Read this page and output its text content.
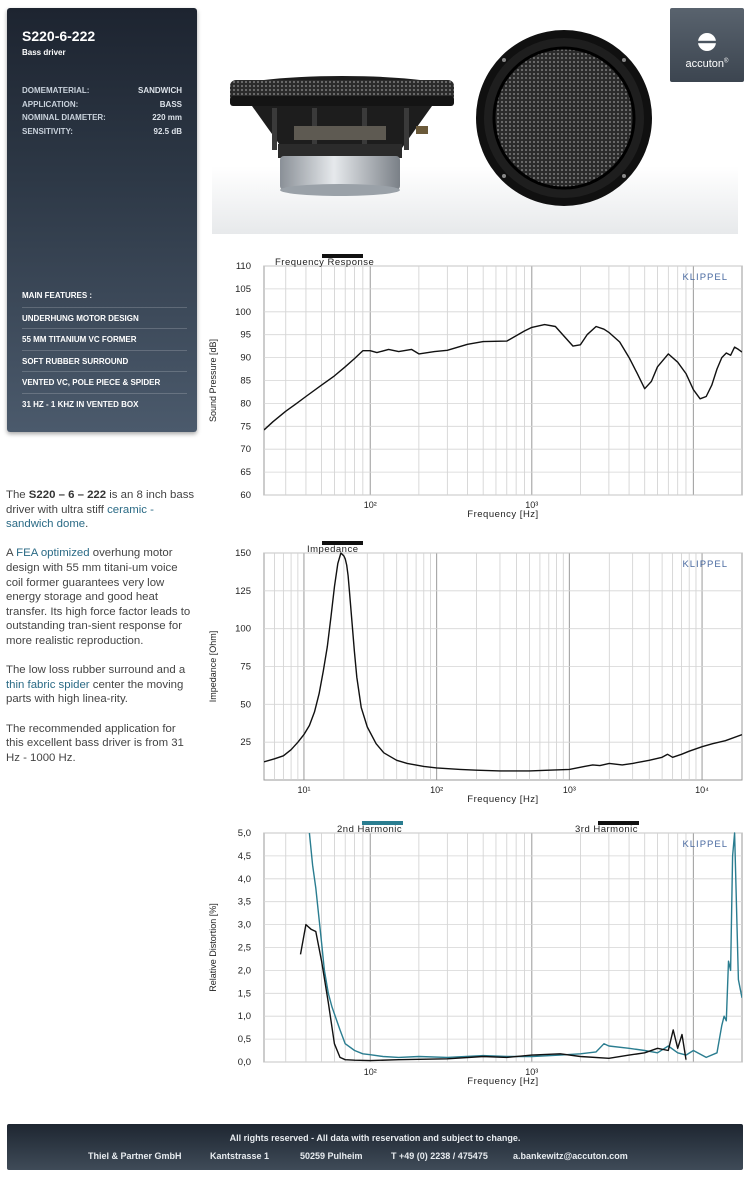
S220-6-222
Bass driver
DOMEMATERIAL:	SANDWICH
APPLICATION:	BASS
NOMINAL DIAMETER:	220 mm
SENSITIVITY:	92.5 dB
MAIN FEATURES :
UNDERHUNG MOTOR DESIGN
55 MM TITANIUM VC FORMER
SOFT RUBBER SURROUND
VENTED VC, POLE PIECE & SPIDER
31 HZ - 1 KHZ IN VENTED BOX
accuton®

The S220 – 6 – 222 is an 8 inch bass driver with ultra stiff ceramic - sandwich dome.

A FEA optimized overhung motor design with 55 mm titani-um voice coil former guarantees very low energy storage and good heat transfer. Its high force factor leads to outstanding tran-sient response for more realistic reproduction.

The low loss rubber surround and a thin fabric spider center the moving parts with high linea-rity.

The recommended application for this excellent bass driver is from 31 Hz - 1000 Hz.

110
105
100
95
90
85
80
75
70
65
60
10²	10³
Frequency [Hz]
Sound Pressure [dB]
KLIPPEL
Frequency Response
150
125
100
75
50
25
10¹	10²	10³	10⁴
Frequency [Hz]
Impedance [Ohm]
KLIPPEL
Impedance
5,0
4,5
4,0
3,5
3,0
2,5
2,0
1,5
1,0
0,5
0,0
10²	10³
Frequency [Hz]
Relative Distortion [%]
KLIPPEL
2nd Harmonic	3rd Harmonic
All rights reserved - All data with reservation and subject to change.
Thiel & Partner GmbH	Kantstrasse 1	50259 Pulheim	T +49 (0) 2238 / 475475	a.bankewitz@accuton.com
